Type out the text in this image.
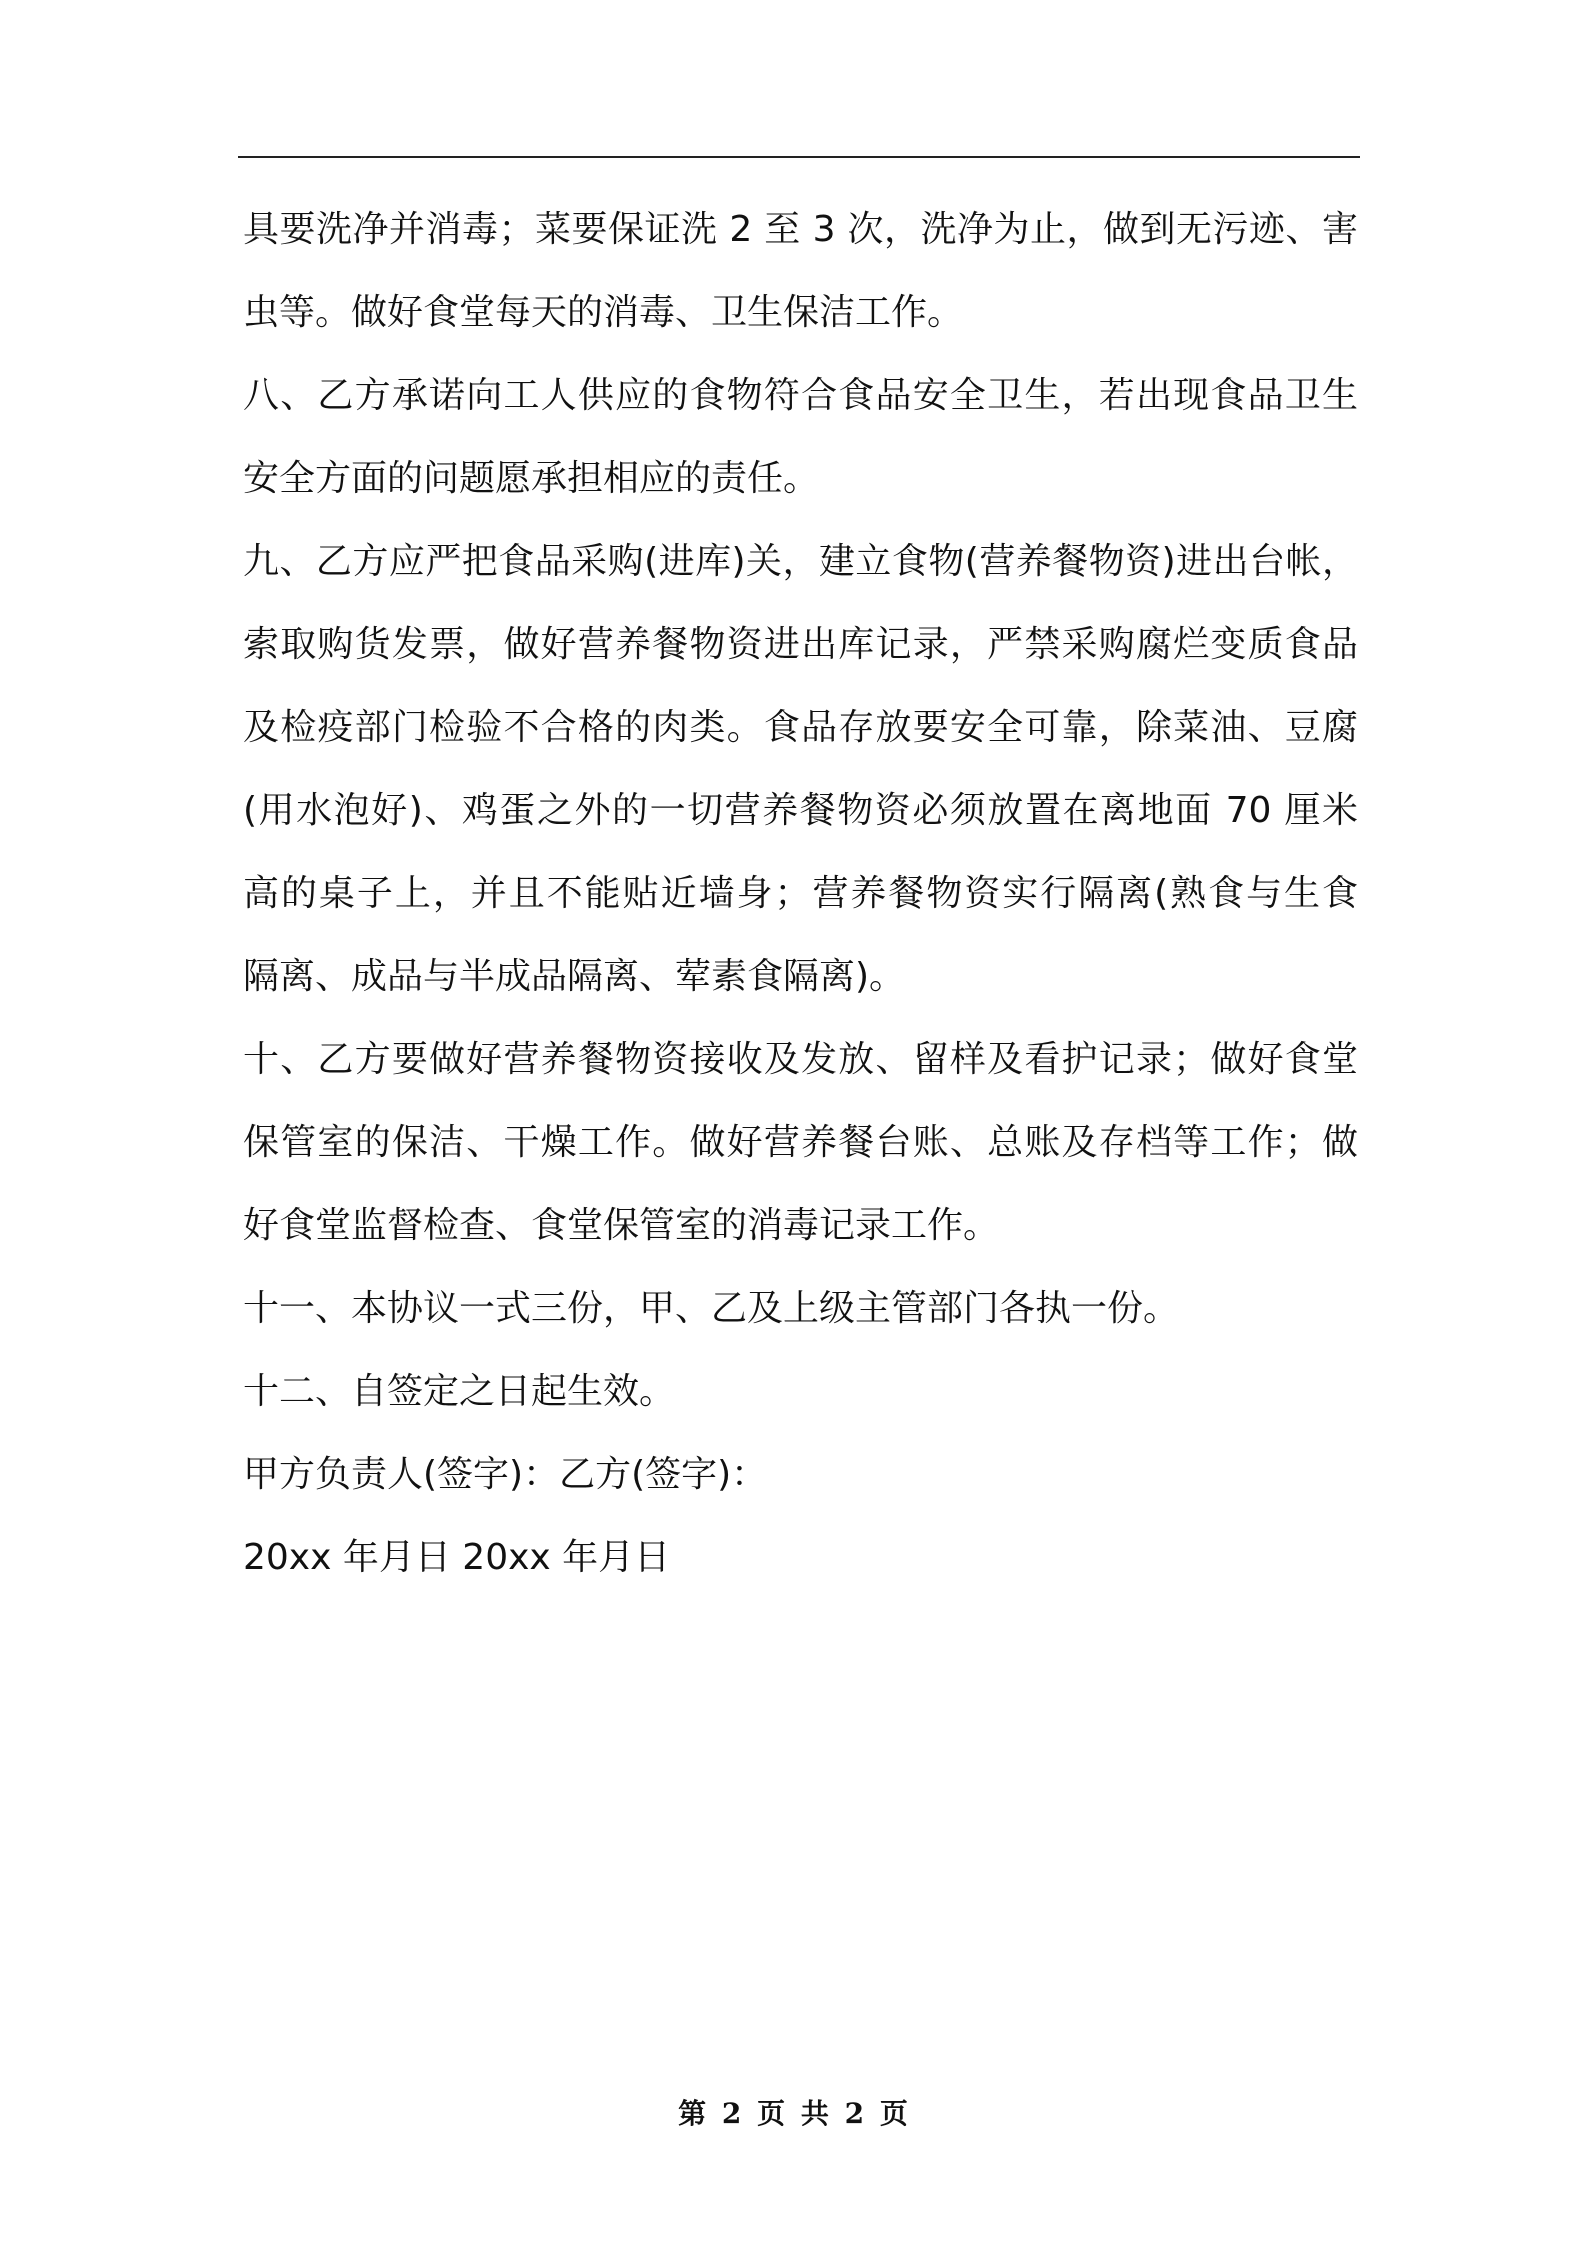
具要洗净并消毒；菜要保证洗 2 至 3 次，洗净为止，做到无污迹、害
虫等。做好食堂每天的消毒、卫生保洁工作。
八、乙方承诺向工人供应的食物符合食品安全卫生，若出现食品卫生
安全方面的问题愿承担相应的责任。
九、乙方应严把食品采购(进库)关，建立食物(营养餐物资)进出台帐，
索取购货发票，做好营养餐物资进出库记录，严禁采购腐烂变质食品
及检疫部门检验不合格的肉类。食品存放要安全可靠，除菜油、豆腐
(用水泡好)、鸡蛋之外的一切营养餐物资必须放置在离地面 70 厘米
高的桌子上，并且不能贴近墙身；营养餐物资实行隔离(熟食与生食
隔离、成品与半成品隔离、荤素食隔离)。
十、乙方要做好营养餐物资接收及发放、留样及看护记录；做好食堂
保管室的保洁、干燥工作。做好营养餐台账、总账及存档等工作；做
好食堂监督检查、食堂保管室的消毒记录工作。
十一、本协议一式三份，甲、乙及上级主管部门各执一份。
十二、自签定之日起生效。
甲方负责人(签字)：乙方(签字)：
20xx 年月日 20xx 年月日
第 2 页 共 2 页
